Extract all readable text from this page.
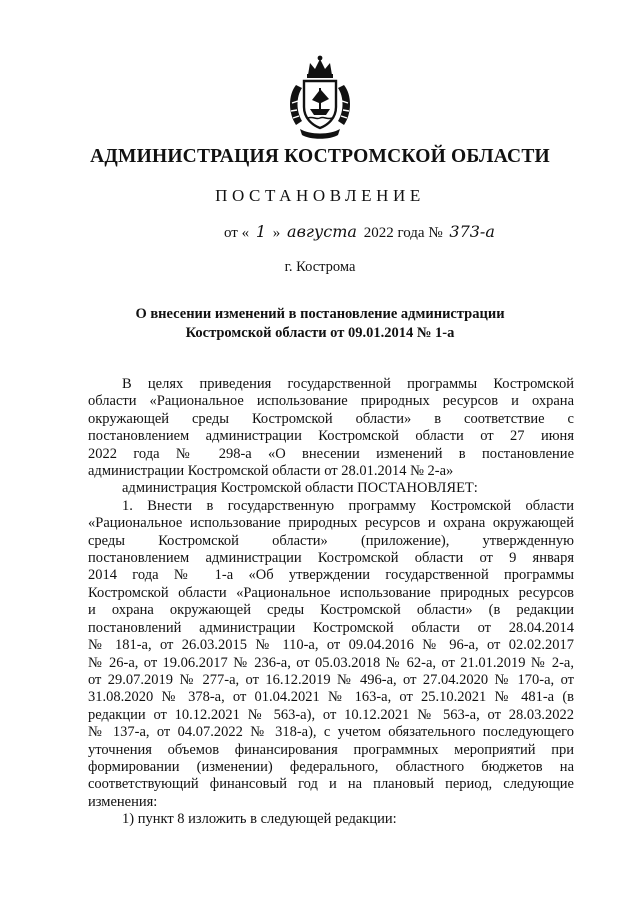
АДМИНИСТРАЦИЯ КОСТРОМСКОЙ ОБЛАСТИ
ПОСТАНОВЛЕНИЕ
от « 1 » августа 2022 года № 373-а
г. Кострома
О внесении изменений в постановление администрации
Костромской области от 09.01.2014 № 1-а
В целях приведения государственной программы Костромской
области «Рациональное использование природных ресурсов и охрана
окружающей среды Костромской области» в соответствие с
постановлением администрации Костромской области от 27 июня
2022 года № 298-а «О внесении изменений в постановление
администрации Костромской области от 28.01.2014 № 2-а»
администрация Костромской области ПОСТАНОВЛЯЕТ:
1. Внести в государственную программу Костромской области
«Рациональное использование природных ресурсов и охрана окружающей
среды Костромской области» (приложение), утвержденную
постановлением администрации Костромской области от 9 января
2014 года № 1-а «Об утверждении государственной программы
Костромской области «Рациональное использование природных ресурсов
и охрана окружающей среды Костромской области» (в редакции
постановлений администрации Костромской области от 28.04.2014
№ 181-а, от 26.03.2015 № 110-а, от 09.04.2016 № 96-а, от 02.02.2017
№ 26-а, от 19.06.2017 № 236-а, от 05.03.2018 № 62-а, от 21.01.2019 № 2-а,
от 29.07.2019 № 277-а, от 16.12.2019 № 496-а, от 27.04.2020 № 170-а, от
31.08.2020 № 378-а, от 01.04.2021 № 163-а, от 25.10.2021 № 481-а (в
редакции от 10.12.2021 № 563-а), от 10.12.2021 № 563-а, от 28.03.2022
№ 137-а, от 04.07.2022 № 318-а), с учетом обязательного последующего
уточнения объемов финансирования программных мероприятий при
формировании (изменении) федерального, областного бюджетов на
соответствующий финансовый год и на плановый период, следующие
изменения:
1) пункт 8 изложить в следующей редакции:
